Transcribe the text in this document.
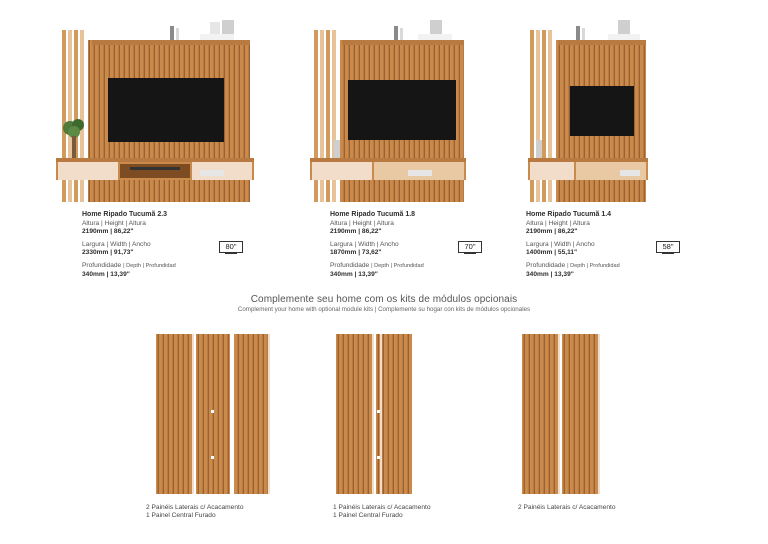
Home Ripado Tucumã 2.3
Altura | Height | Altura
2190mm | 86,22"
Largura | Width | Ancho
2330mm | 91,73"
Profundidade | Depth | Profundidad
340mm | 13,39"
80"
Home Ripado Tucumã 1.8
Altura | Height | Altura
2190mm | 86,22"
Largura | Width | Ancho
1870mm | 73,62"
Profundidade | Depth | Profundidad
340mm | 13,39"
70"
Home Ripado Tucumã 1.4
Altura | Height | Altura
2190mm | 86,22"
Largura | Width | Ancho
1400mm | 55,11"
Profundidade | Depth | Profundidad
340mm | 13,39"
58"
Complemente seu home com os kits de módulos opcionais
Complement your home with optional module kits | Complemente su hogar con kits de módulos opcionales
2 Painéis Laterais c/ Acacamento
1 Painel Central Furado
1 Painéis Laterais c/ Acacamento
1 Painel Central Furado
2 Painéis Laterais c/ Acacamento
